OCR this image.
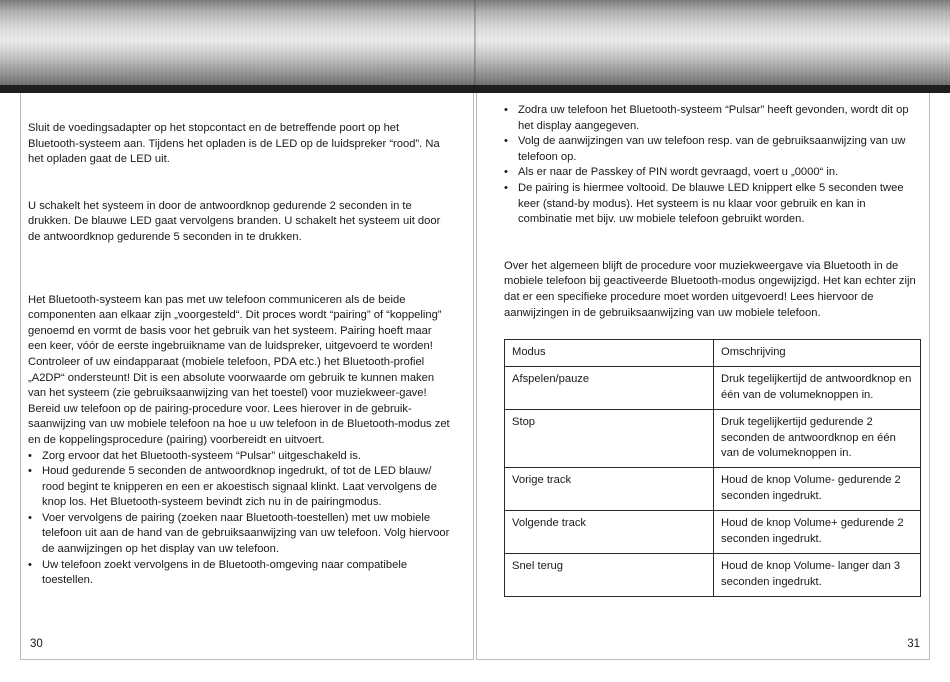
Sluit de voedingsadapter op het stopcontact en de betreffende poort op het Bluetooth-systeem aan. Tijdens het opladen is de LED op de luidspreker “rood”. Na het opladen gaat de LED uit.

U schakelt het systeem in door de antwoordknop gedurende 2 seconden in te drukken. De blauwe LED gaat vervolgens branden. U schakelt het systeem uit door de antwoordknop gedurende 5 seconden in te drukken.

Het Bluetooth-systeem kan pas met uw telefoon communiceren als de beide componenten aan elkaar zijn „voorgesteld“. Dit proces wordt “pairing” of “koppeling” genoemd en vormt de basis voor het gebruik van het systeem. Pairing hoeft maar een keer, vóór de eerste ingebruikname van de luidspreker, uitgevoerd te worden!

Controleer of uw eindapparaat (mobiele telefoon, PDA etc.) het Bluetooth-profiel „A2DP“ ondersteunt! Dit is een absolute voorwaarde om gebruik te kunnen maken van het systeem (zie gebruiksaanwijzing van het toestel) voor muziekweer-gave!

Bereid uw telefoon op de pairing-procedure voor. Lees hierover in de gebruik-saanwijzing van uw mobiele telefoon na hoe u uw telefoon in de Bluetooth-modus zet en de koppelingsprocedure (pairing) voorbereidt en uitvoert.

• Zorg ervoor dat het Bluetooth-systeem “Pulsar” uitgeschakeld is.
• Houd gedurende 5 seconden de antwoordknop ingedrukt, of tot de LED blauw/ rood begint te knipperen en een er akoestisch signaal klinkt. Laat vervolgens de knop los. Het Bluetooth-systeem bevindt zich nu in de pairingmodus.
• Voer vervolgens de pairing (zoeken naar Bluetooth-toestellen) met uw mobiele telefoon uit aan de hand van de gebruiksaanwijzing van uw telefoon. Volg hiervoor de aanwijzingen op het display van uw telefoon.
• Uw telefoon zoekt vervolgens in de Bluetooth-omgeving naar compatibele toestellen.
30
• Zodra uw telefoon het Bluetooth-systeem “Pulsar” heeft gevonden, wordt dit op het display aangegeven.
• Volg de aanwijzingen van uw telefoon resp. van de gebruiksaanwijzing van uw telefoon op.
• Als er naar de Passkey of PIN wordt gevraagd, voert u „0000“ in.
• De pairing is hiermee voltooid. De blauwe LED knippert elke 5 seconden twee keer (stand-by modus). Het systeem is nu klaar voor gebruik en kan in combinatie met bijv. uw mobiele telefoon gebruikt worden.

Over het algemeen blijft de procedure voor muziekweergave via Bluetooth in de mobiele telefoon bij geactiveerde Bluetooth-modus ongewijzigd. Het kan echter zijn dat er een specifieke procedure moet worden uitgevoerd! Lees hiervoor de aanwijzingen in de gebruiksaanwijzing van uw mobiele telefoon.

Modus	Omschrijving
Afspelen/pauze	Druk tegelijkertijd de antwoordknop en één van de volumeknoppen in.
Stop	Druk tegelijkertijd gedurende 2 seconden de antwoordknop en één van de volumeknoppen in.
Vorige track	Houd de knop Volume- gedurende 2 seconden ingedrukt.
Volgende track	Houd de knop Volume+ gedurende 2 seconden ingedrukt.
Snel terug	Houd de knop Volume- langer dan 3 seconden ingedrukt.
31
